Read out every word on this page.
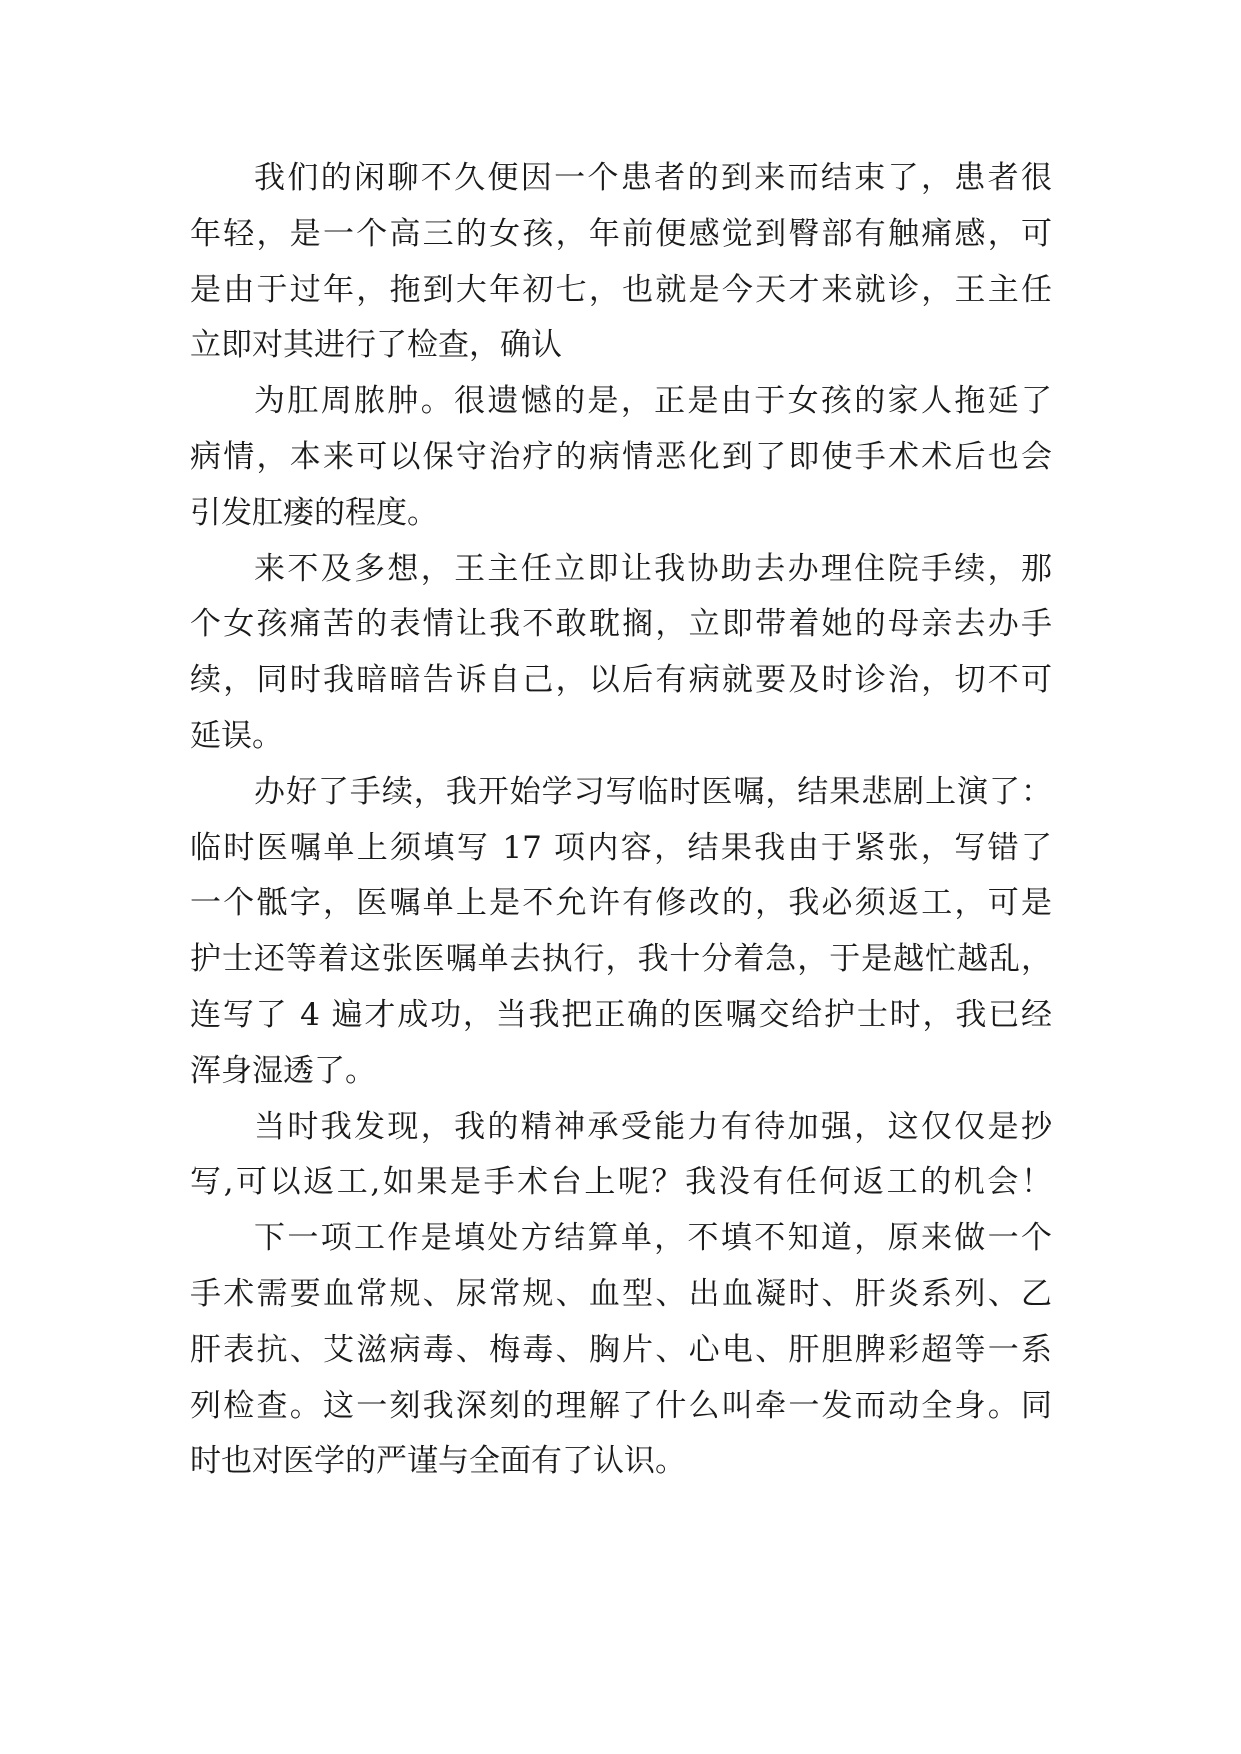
我们的闲聊不久便因一个患者的到来而结束了，患者很
年轻，是一个高三的女孩，年前便感觉到臀部有触痛感，可
是由于过年，拖到大年初七，也就是今天才来就诊，王主任
立即对其进行了检查，确认
为肛周脓肿。很遗憾的是，正是由于女孩的家人拖延了
病情，本来可以保守治疗的病情恶化到了即使手术术后也会
引发肛瘘的程度。
来不及多想，王主任立即让我协助去办理住院手续，那
个女孩痛苦的表情让我不敢耽搁，立即带着她的母亲去办手
续，同时我暗暗告诉自己，以后有病就要及时诊治，切不可
延误。
办好了手续，我开始学习写临时医嘱，结果悲剧上演了：
临时医嘱单上须填写 17 项内容，结果我由于紧张，写错了
一个骶字，医嘱单上是不允许有修改的，我必须返工，可是
护士还等着这张医嘱单去执行，我十分着急，于是越忙越乱，
连写了 4 遍才成功，当我把正确的医嘱交给护士时，我已经
浑身湿透了。
当时我发现，我的精神承受能力有待加强，这仅仅是抄
写,可以返工,如果是手术台上呢？我没有任何返工的机会！
下一项工作是填处方结算单，不填不知道，原来做一个
手术需要血常规、尿常规、血型、出血凝时、肝炎系列、乙
肝表抗、艾滋病毒、梅毒、胸片、心电、肝胆脾彩超等一系
列检查。这一刻我深刻的理解了什么叫牵一发而动全身。同
时也对医学的严谨与全面有了认识。
